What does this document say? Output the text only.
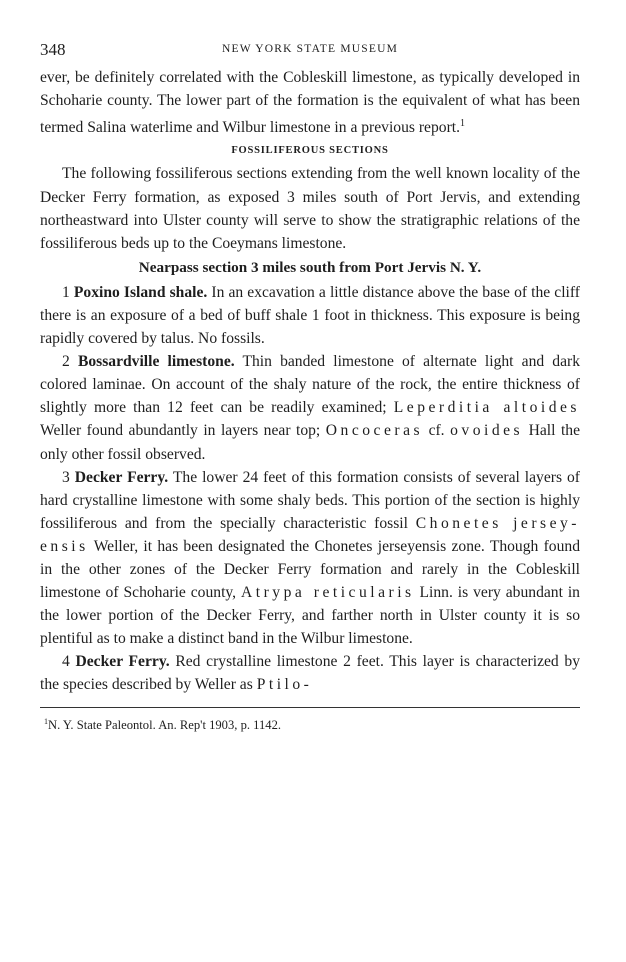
348	NEW YORK STATE MUSEUM

ever, be definitely correlated with the Cobleskill limestone, as typically developed in Schoharie county. The lower part of the formation is the equivalent of what has been termed Salina waterlime and Wilbur limestone in a previous report.$^1$

FOSSILIFEROUS SECTIONS

The following fossiliferous sections extending from the well known locality of the Decker Ferry formation, as exposed 3 miles south of Port Jervis, and extending northeastward into Ulster county will serve to show the stratigraphic relations of the fossiliferous beds up to the Coeymans limestone.

Nearpass section 3 miles south from Port Jervis N. Y.

1 Poxino Island shale. In an excavation a little distance above the base of the cliff there is an exposure of a bed of buff shale 1 foot in thickness. This exposure is being rapidly covered by talus. No fossils.

2 Bossardville limestone. Thin banded limestone of alternate light and dark colored laminae. On account of the shaly nature of the rock, the entire thickness of slightly more than 12 feet can be readily examined; Leperditia altoides Weller found abundantly in layers near top; Oncoceras cf. ovoides Hall the only other fossil observed.

3 Decker Ferry. The lower 24 feet of this formation consists of several layers of hard crystalline limestone with some shaly beds. This portion of the section is highly fossiliferous and from the specially characteristic fossil Chonetes jersey-ensis Weller, it has been designated the Chonetes jerseyensis zone. Though found in the other zones of the Decker Ferry formation and rarely in the Cobleskill limestone of Schoharie county, Atrypa reticularis Linn. is very abundant in the lower portion of the Decker Ferry, and farther north in Ulster county it is so plentiful as to make a distinct band in the Wilbur limestone.

4 Decker Ferry. Red crystalline limestone 2 feet. This layer is characterized by the species described by Weller as Ptilo-

$^1$N. Y. State Paleontol. An. Rep't 1903, p. 1142.
